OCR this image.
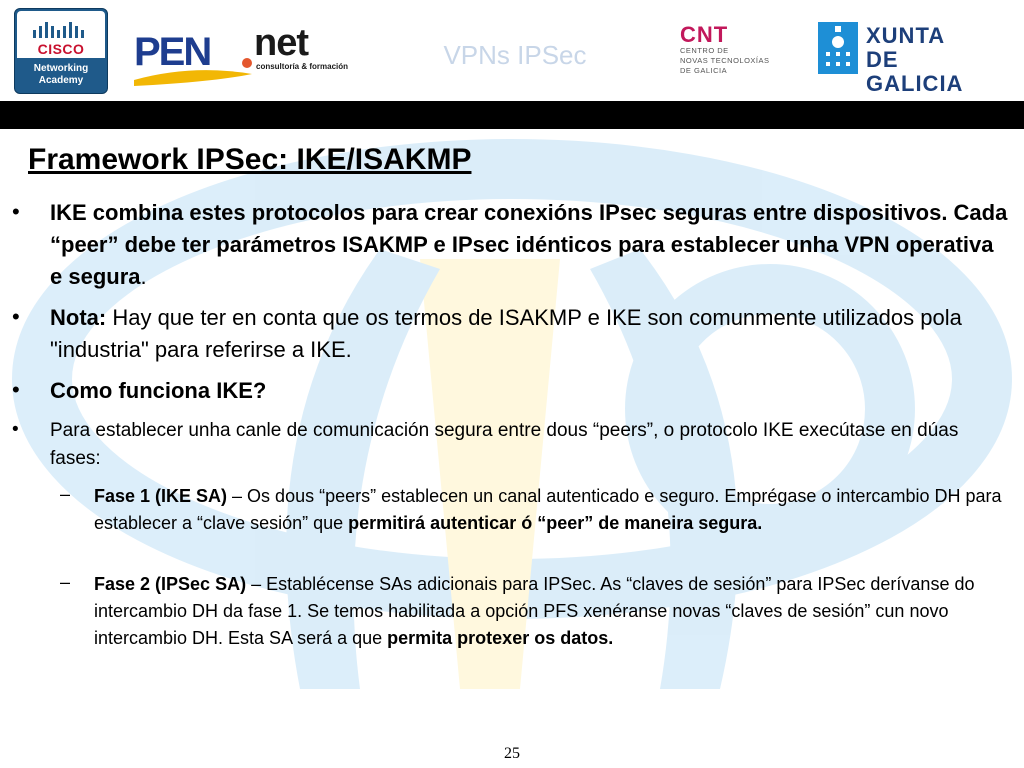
CISCO
Networking
Academy
PEN net
consultoría & formación	VPNs IPSec
CNT
CENTRO DE
NOVAS TECNOLOXÍAS
DE GALICIA
XUNTA
DE GALICIA
Framework IPSec: IKE/ISAKMP
• IKE combina estes protocolos para crear conexións IPsec seguras entre dispositivos. Cada “peer” debe ter parámetros ISAKMP e IPsec idénticos para establecer unha VPN operativa e segura.
• Nota: Hay que ter en conta que os termos de ISAKMP e IKE son comunmente utilizados pola "industria" para referirse a IKE.
• Como funciona IKE?
• Para establecer unha canle de comunicación segura entre dous “peers”, o protocolo IKE execútase en dúas fases:
– Fase 1 (IKE SA) – Os dous “peers” establecen un canal autenticado e seguro. Emprégase o intercambio DH para establecer a “clave sesión” que permitirá autenticar ó “peer” de maneira segura.
– Fase 2 (IPSec SA) – Establécense SAs adicionais para IPSec. As “claves de sesión” para IPSec derívanse do intercambio DH da fase 1. Se temos habilitada a opción PFS xenéranse novas “claves de sesión” cun novo intercambio DH. Esta SA será a que permita protexer os datos.
25
